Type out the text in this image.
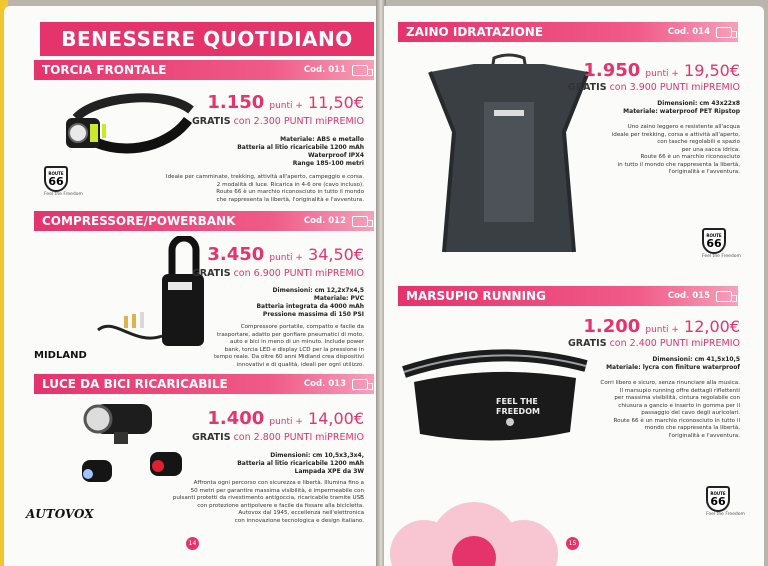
BENESSERE QUOTIDIANO
TORCIA FRONTALE	Cod. 011
ROUTE
66
Feel the Freedom
1.150 punti + 11,50€
GRATIS con 2.300 PUNTI miPREMIO
Materiale: ABS e metallo
Batteria al litio ricaricabile 1200 mAh
Waterproof IPX4
Range 185-100 metri
Ideale per camminate, trekking, attività all'aperto, campeggio e corsa.
2 modalità di luce. Ricarica in 4-6 ore (cavo incluso).
Route 66 è un marchio riconosciuto in tutto il mondo
che rappresenta la libertà, l'originalità e l'avventura.
COMPRESSORE/POWERBANK	Cod. 012
MIDLAND
3.450 punti + 34,50€
GRATIS con 6.900 PUNTI miPREMIO
Dimensioni: cm 12,2x7x4,5
Materiale: PVC
Batteria integrata da 4000 mAh
Pressione massima di 150 PSI
Compressore portatile, compatto e facile da
trasportare, adatto per gonfiare pneumatici di moto,
auto e bici in meno di un minuto. Include power
bank, torcia LED e display LCD per la pressione in
tempo reale. Da oltre 60 anni Midland crea dispositivi
innovativi e di qualità, ideali per ogni utilizzo.
LUCE DA BICI RICARICABILE	Cod. 013
AUTOVOX
1.400 punti + 14,00€
GRATIS con 2.800 PUNTI miPREMIO
Dimensioni: cm 10,5x3,3x4,
Batteria al litio ricaricabile 1200 mAh
Lampada XPE da 3W
Affronta ogni percorso con sicurezza e libertà. Illumina fino a
50 metri per garantire massima visibilità, è impermeabile con
pulsanti protetti da rivestimento antigoccia, ricaricabile tramite USB
con protezione antipolvere e facile da fissare alla bicicletta.
Autovox dal 1945, eccellenza nell'elettronica
con innovazione tecnologica e design italiano.
14
ZAINO IDRATAZIONE	Cod. 014
1.950 punti + 19,50€
GRATIS con 3.900 PUNTI miPREMIO
Dimensioni: cm 43x22x8
Materiale: waterproof PET Ripstop
Uno zaino leggero e resistente all'acqua
ideale per trekking, corsa e attività all'aperto,
con tasche regolabili e spazio
per una sacca idrica.
Route 66 è un marchio riconosciuto
in tutto il mondo che rappresenta la libertà,
l'originalità e l'avventura.
ROUTE
66
Feel the Freedom
MARSUPIO RUNNING	Cod. 015
FEEL THE
FREEDOM
1.200 punti + 12,00€
GRATIS con 2.400 PUNTI miPREMIO
Dimensioni: cm 41,5x10,5
Materiale: lycra con finiture waterproof
Corri libero e sicuro, senza rinunciare alla musica.
Il marsupio running offre dettagli riflettenti
per massima visibilità, cintura regolabile con
chiusura a gancio e inserto in gomma per il
passaggio del cavo degli auricolari.
Route 66 è un marchio riconosciuto in tutto il
mondo che rappresenta la libertà,
l'originalità e l'avventura.
ROUTE
66
Feel the Freedom
15
